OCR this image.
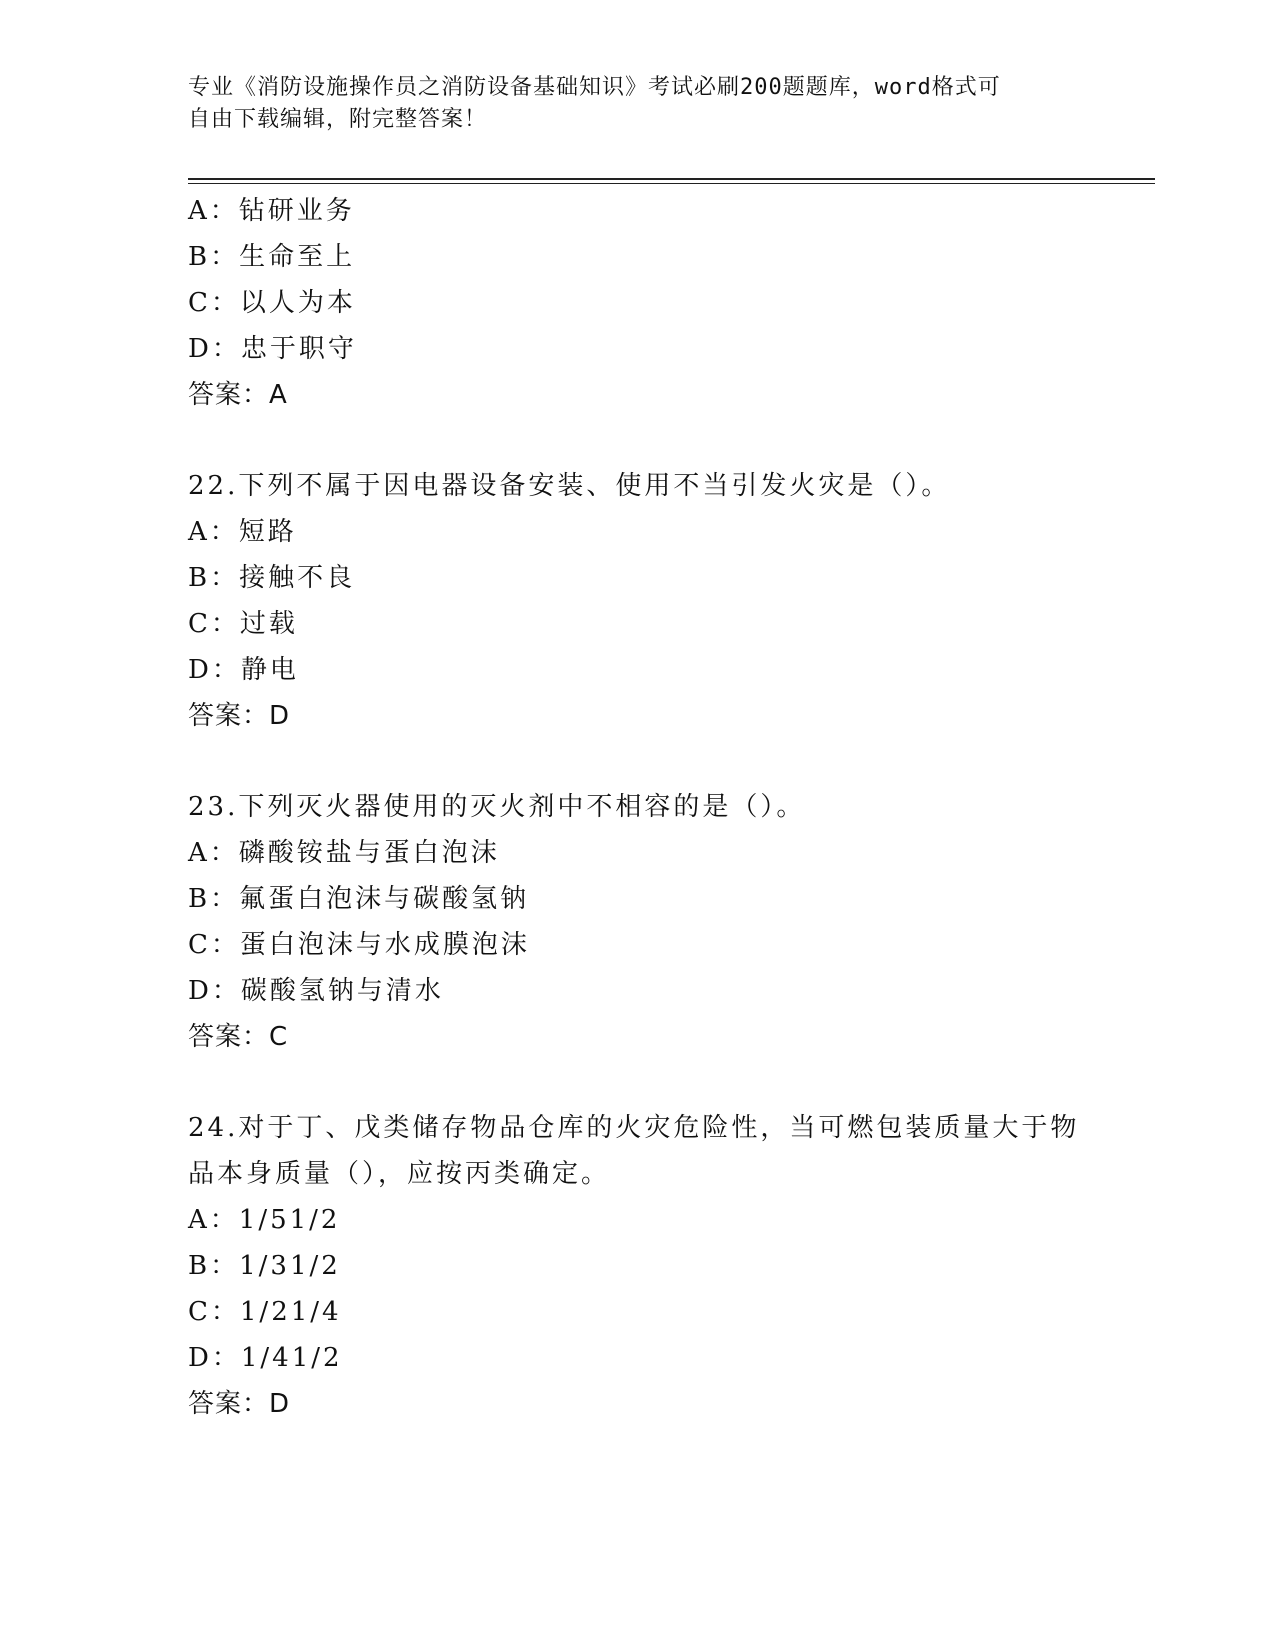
专业《消防设施操作员之消防设备基础知识》考试必刷200题题库，word格式可
自由下载编辑，附完整答案！
A：钻研业务
B：生命至上
C：以人为本
D：忠于职守
答案：A
22.下列不属于因电器设备安装、使用不当引发火灾是（）。
A：短路
B：接触不良
C：过载
D：静电
答案：D
23.下列灭火器使用的灭火剂中不相容的是（）。
A：磷酸铵盐与蛋白泡沫
B：氟蛋白泡沫与碳酸氢钠
C：蛋白泡沫与水成膜泡沫
D：碳酸氢钠与清水
答案：C
24.对于丁、戊类储存物品仓库的火灾危险性，当可燃包装质量大于物
品本身质量（），应按丙类确定。
A：1/51/2
B：1/31/2
C：1/21/4
D：1/41/2
答案：D
